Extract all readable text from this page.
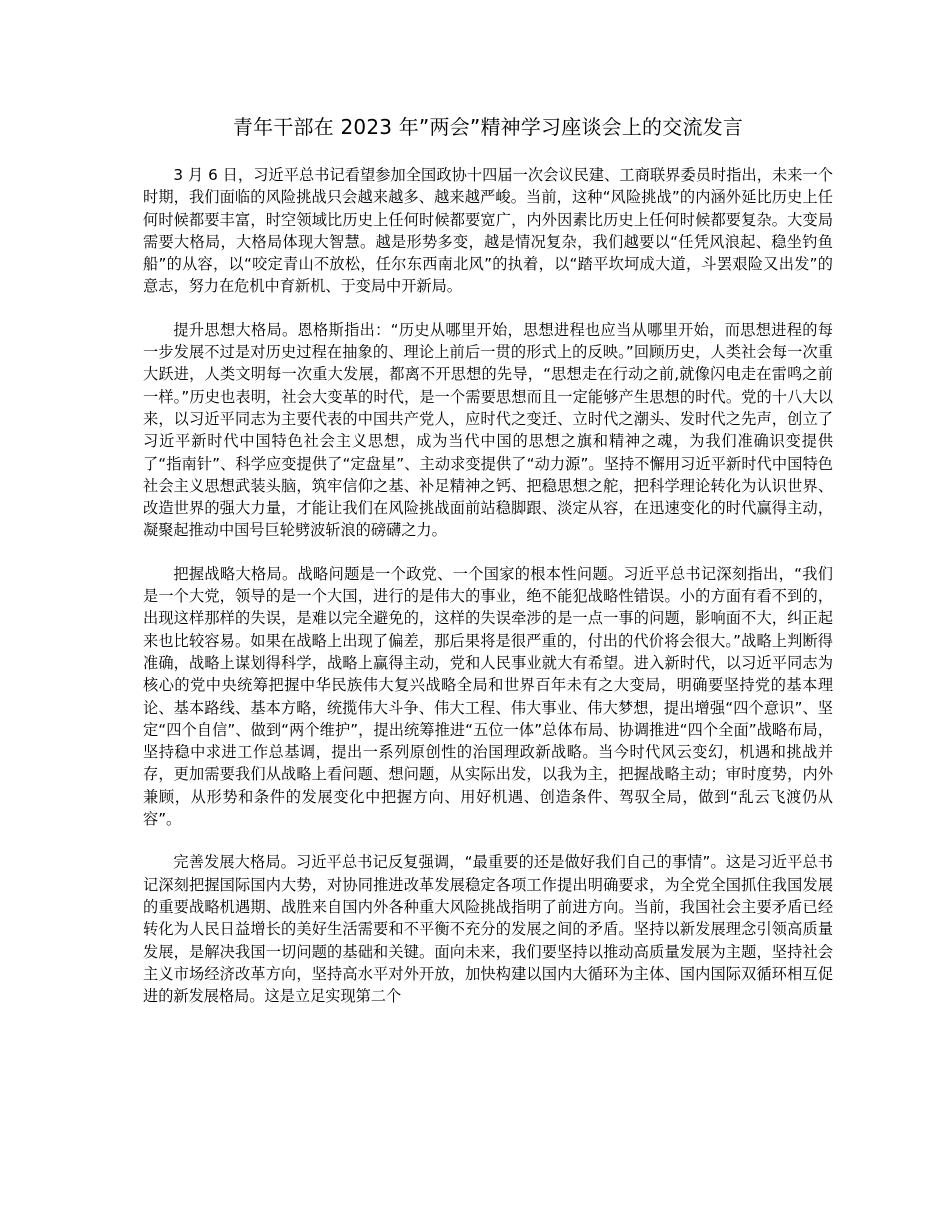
青年干部在 2023 年”两会”精神学习座谈会上的交流发言

3 月 6 日，习近平总书记看望参加全国政协十四届一次会议民建、工商联界委员时指出，未来一个时期，我们面临的风险挑战只会越来越多、越来越严峻。当前，这种“风险挑战”的内涵外延比历史上任何时候都要丰富，时空领域比历史上任何时候都要宽广，内外因素比历史上任何时候都要复杂。大变局需要大格局，大格局体现大智慧。越是形势多变，越是情况复杂，我们越要以“任凭风浪起、稳坐钓鱼船”的从容，以“咬定青山不放松，任尔东西南北风”的执着，以“踏平坎坷成大道，斗罢艰险又出发”的意志，努力在危机中育新机、于变局中开新局。

提升思想大格局。恩格斯指出：“历史从哪里开始，思想进程也应当从哪里开始，而思想进程的每一步发展不过是对历史过程在抽象的、理论上前后一贯的形式上的反映。”回顾历史，人类社会每一次重大跃进，人类文明每一次重大发展，都离不开思想的先导，“思想走在行动之前,就像闪电走在雷鸣之前一样。”历史也表明，社会大变革的时代，是一个需要思想而且一定能够产生思想的时代。党的十八大以来，以习近平同志为主要代表的中国共产党人，应时代之变迁、立时代之潮头、发时代之先声，创立了习近平新时代中国特色社会主义思想，成为当代中国的思想之旗和精神之魂，为我们准确识变提供了“指南针”、科学应变提供了“定盘星”、主动求变提供了“动力源”。坚持不懈用习近平新时代中国特色社会主义思想武装头脑，筑牢信仰之基、补足精神之钙、把稳思想之舵，把科学理论转化为认识世界、改造世界的强大力量，才能让我们在风险挑战面前站稳脚跟、淡定从容，在迅速变化的时代赢得主动，凝聚起推动中国号巨轮劈波斩浪的磅礴之力。

把握战略大格局。战略问题是一个政党、一个国家的根本性问题。习近平总书记深刻指出，“我们是一个大党，领导的是一个大国，进行的是伟大的事业，绝不能犯战略性错误。小的方面有看不到的，出现这样那样的失误，是难以完全避免的，这样的失误牵涉的是一点一事的问题，影响面不大，纠正起来也比较容易。如果在战略上出现了偏差，那后果将是很严重的，付出的代价将会很大。”战略上判断得准确，战略上谋划得科学，战略上赢得主动，党和人民事业就大有希望。进入新时代，以习近平同志为核心的党中央统筹把握中华民族伟大复兴战略全局和世界百年未有之大变局，明确要坚持党的基本理论、基本路线、基本方略，统揽伟大斗争、伟大工程、伟大事业、伟大梦想，提出增强“四个意识”、坚定“四个自信”、做到“两个维护”，提出统筹推进“五位一体”总体布局、协调推进“四个全面”战略布局，坚持稳中求进工作总基调，提出一系列原创性的治国理政新战略。当今时代风云变幻，机遇和挑战并存，更加需要我们从战略上看问题、想问题，从实际出发，以我为主，把握战略主动；审时度势，内外兼顾，从形势和条件的发展变化中把握方向、用好机遇、创造条件、驾驭全局，做到“乱云飞渡仍从容”。

完善发展大格局。习近平总书记反复强调，“最重要的还是做好我们自己的事情”。这是习近平总书记深刻把握国际国内大势，对协同推进改革发展稳定各项工作提出明确要求，为全党全国抓住我国发展的重要战略机遇期、战胜来自国内外各种重大风险挑战指明了前进方向。当前，我国社会主要矛盾已经转化为人民日益增长的美好生活需要和不平衡不充分的发展之间的矛盾。坚持以新发展理念引领高质量发展，是解决我国一切问题的基础和关键。面向未来，我们要坚持以推动高质量发展为主题，坚持社会主义市场经济改革方向，坚持高水平对外开放，加快构建以国内大循环为主体、国内国际双循环相互促进的新发展格局。这是立足实现第二个
